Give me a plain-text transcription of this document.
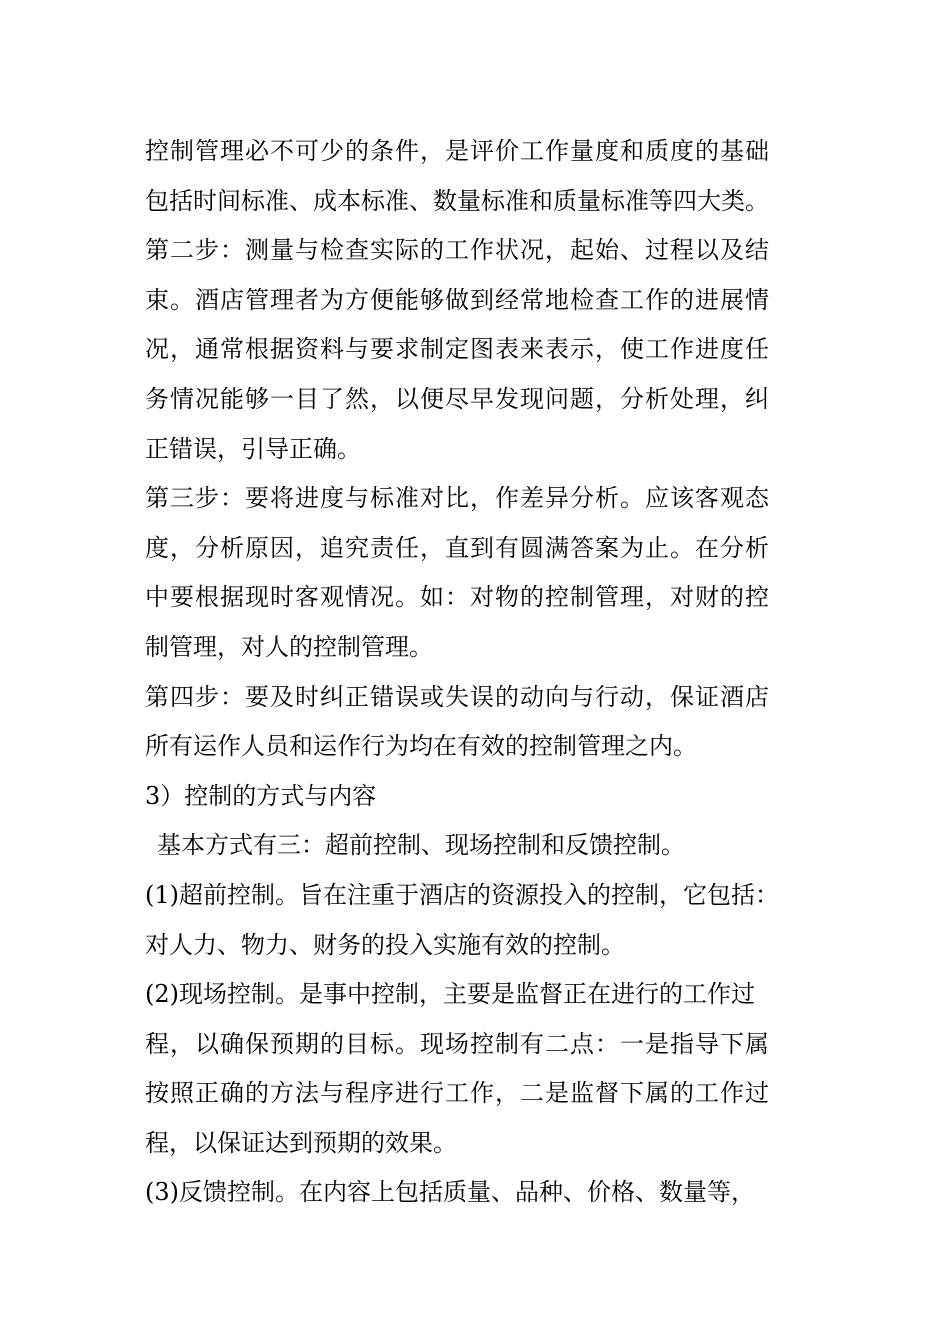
控制管理必不可少的条件，是评价工作量度和质度的基础
包括时间标准、成本标准、数量标准和质量标准等四大类。
第二步：测量与检查实际的工作状况，起始、过程以及结
束。酒店管理者为方便能够做到经常地检查工作的进展情
况，通常根据资料与要求制定图表来表示，使工作进度任
务情况能够一目了然，以便尽早发现问题，分析处理，纠
正错误，引导正确。
第三步：要将进度与标准对比，作差异分析。应该客观态
度，分析原因，追究责任，直到有圆满答案为止。在分析
中要根据现时客观情况。如：对物的控制管理，对财的控
制管理，对人的控制管理。
第四步：要及时纠正错误或失误的动向与行动，保证酒店
所有运作人员和运作行为均在有效的控制管理之内。
3）控制的方式与内容
基本方式有三：超前控制、现场控制和反馈控制。
(1)超前控制。旨在注重于酒店的资源投入的控制，它包括：
对人力、物力、财务的投入实施有效的控制。
(2)现场控制。是事中控制，主要是监督正在进行的工作过
程，以确保预期的目标。现场控制有二点：一是指导下属
按照正确的方法与程序进行工作，二是监督下属的工作过
程，以保证达到预期的效果。
(3)反馈控制。在内容上包括质量、品种、价格、数量等，
